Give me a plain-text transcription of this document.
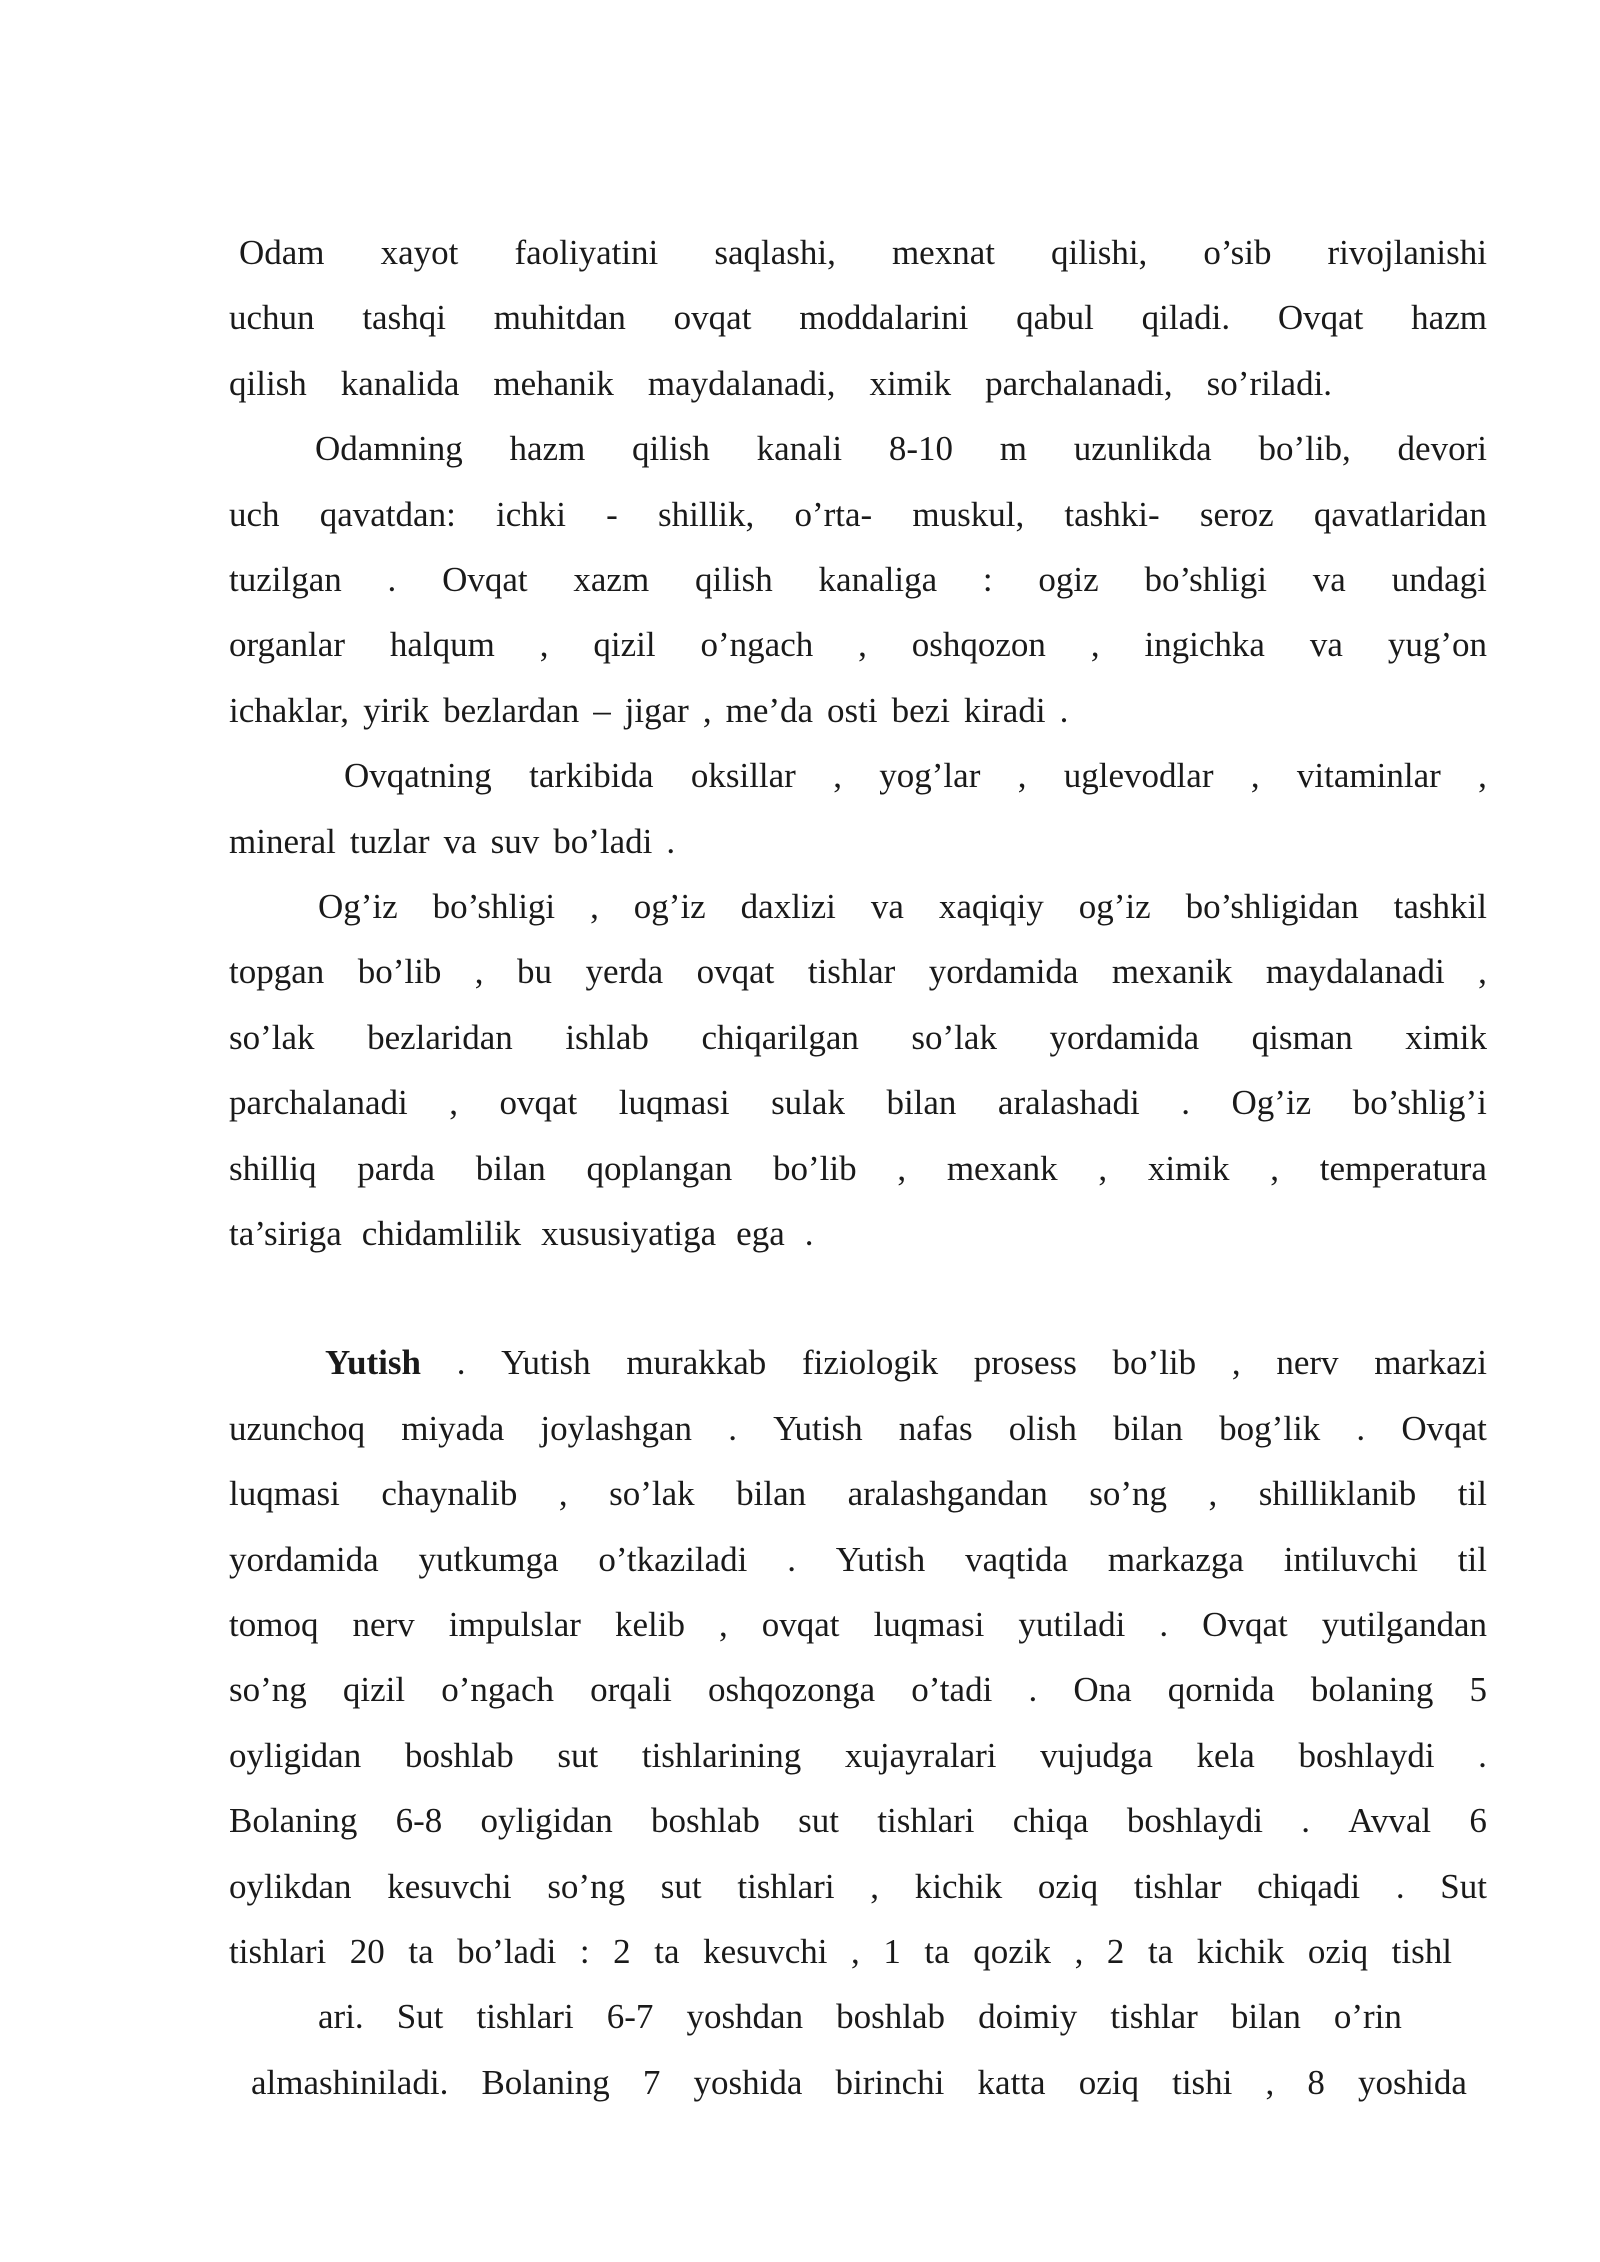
Odam xayot faoliyatini saqlashi, mexnat qilishi, o’sib rivojlanishi
uchun tashqi muhitdan ovqat moddalarini qabul qiladi. Ovqat hazm
qilish kanalida mehanik maydalanadi, ximik parchalanadi, so’riladi.
Odamning hazm qilish kanali 8-10 m uzunlikda bo’lib, devori
uch qavatdan: ichki - shillik, o’rta- muskul, tashki- seroz qavatlaridan
tuzilgan . Ovqat xazm qilish kanaliga : ogiz bo’shligi va undagi
organlar halqum , qizil o’ngach , oshqozon , ingichka va yug’on
ichaklar, yirik bezlardan – jigar , me’da osti bezi kiradi .
Ovqatning tarkibida oksillar , yog’lar , uglevodlar , vitaminlar ,
mineral tuzlar va suv bo’ladi .
Og’iz bo’shligi , og’iz daxlizi va xaqiqiy og’iz bo’shligidan tashkil
topgan bo’lib , bu yerda ovqat tishlar yordamida mexanik maydalanadi ,
so’lak bezlaridan ishlab chiqarilgan so’lak yordamida qisman ximik
parchalanadi , ovqat luqmasi sulak bilan aralashadi . Og’iz bo’shlig’i
shilliq parda bilan qoplangan bo’lib , mexank , ximik , temperatura
ta’siriga chidamlilik xususiyatiga ega .
Yutish . Yutish murakkab fiziologik prosess bo’lib , nerv markazi
uzunchoq miyada joylashgan . Yutish nafas olish bilan bog’lik . Ovqat
luqmasi chaynalib , so’lak bilan aralashgandan so’ng , shilliklanib til
yordamida yutkumga o’tkaziladi . Yutish vaqtida markazga intiluvchi til
tomoq nerv impulslar kelib , ovqat luqmasi yutiladi . Ovqat yutilgandan
so’ng qizil o’ngach orqali oshqozonga o’tadi . Ona qornida bolaning 5
oyligidan boshlab sut tishlarining xujayralari vujudga kela boshlaydi .
Bolaning 6-8 oyligidan boshlab sut tishlari chiqa boshlaydi . Avval 6
oylikdan kesuvchi so’ng sut tishlari , kichik oziq tishlar chiqadi . Sut
tishlari 20 ta bo’ladi : 2 ta kesuvchi , 1 ta qozik , 2 ta kichik oziq tishl
ari. Sut tishlari 6-7 yoshdan boshlab doimiy tishlar bilan o’rin
almashiniladi. Bolaning 7 yoshida birinchi katta oziq tishi , 8 yoshida
